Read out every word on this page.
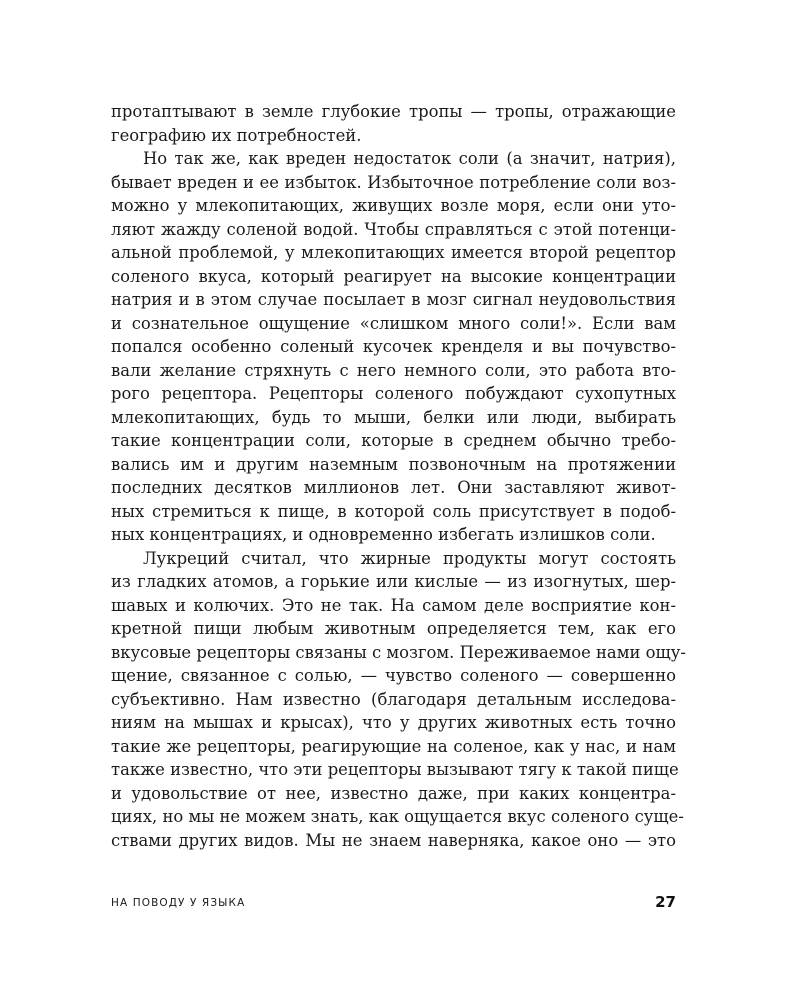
протаптывают в земле глубокие тропы — тропы, отражающие
географию их потребностей.
Но так же, как вреден недостаток соли (а значит, натрия),
бывает вреден и ее избыток. Избыточное потребление соли воз-
можно у млекопитающих, живущих возле моря, если они уто-
ляют жажду соленой водой. Чтобы справляться с этой потенци-
альной проблемой, у млекопитающих имеется второй рецептор
соленого вкуса, который реагирует на высокие концентрации
натрия и в этом случае посылает в мозг сигнал неудовольствия
и сознательное ощущение «слишком много соли!». Если вам
попался особенно соленый кусочек кренделя и вы почувство-
вали желание стряхнуть с него немного соли, это работа вто-
рого рецептора. Рецепторы соленого побуждают сухопутных
млекопитающих, будь то мыши, белки или люди, выбирать
такие концентрации соли, которые в среднем обычно требо-
вались им и другим наземным позвоночным на протяжении
последних десятков миллионов лет. Они заставляют живот-
ных стремиться к пище, в которой соль присутствует в подоб-
ных концентрациях, и одновременно избегать излишков соли.
Лукреций считал, что жирные продукты могут состоять
из гладких атомов, а горькие или кислые — из изогнутых, шер-
шавых и колючих. Это не так. На самом деле восприятие кон-
кретной пищи любым животным определяется тем, как его
вкусовые рецепторы связаны с мозгом. Переживаемое нами ощу-
щение, связанное с солью, — чувство соленого — совершенно
субъективно. Нам известно (благодаря детальным исследова-
ниям на мышах и крысах), что у других животных есть точно
такие же рецепторы, реагирующие на соленое, как у нас, и нам
также известно, что эти рецепторы вызывают тягу к такой пище
и удовольствие от нее, известно даже, при каких концентра-
циях, но мы не можем знать, как ощущается вкус соленого суще-
ствами других видов. Мы не знаем наверняка, какое оно — это
НА ПОВОДУ У ЯЗЫКА	27
